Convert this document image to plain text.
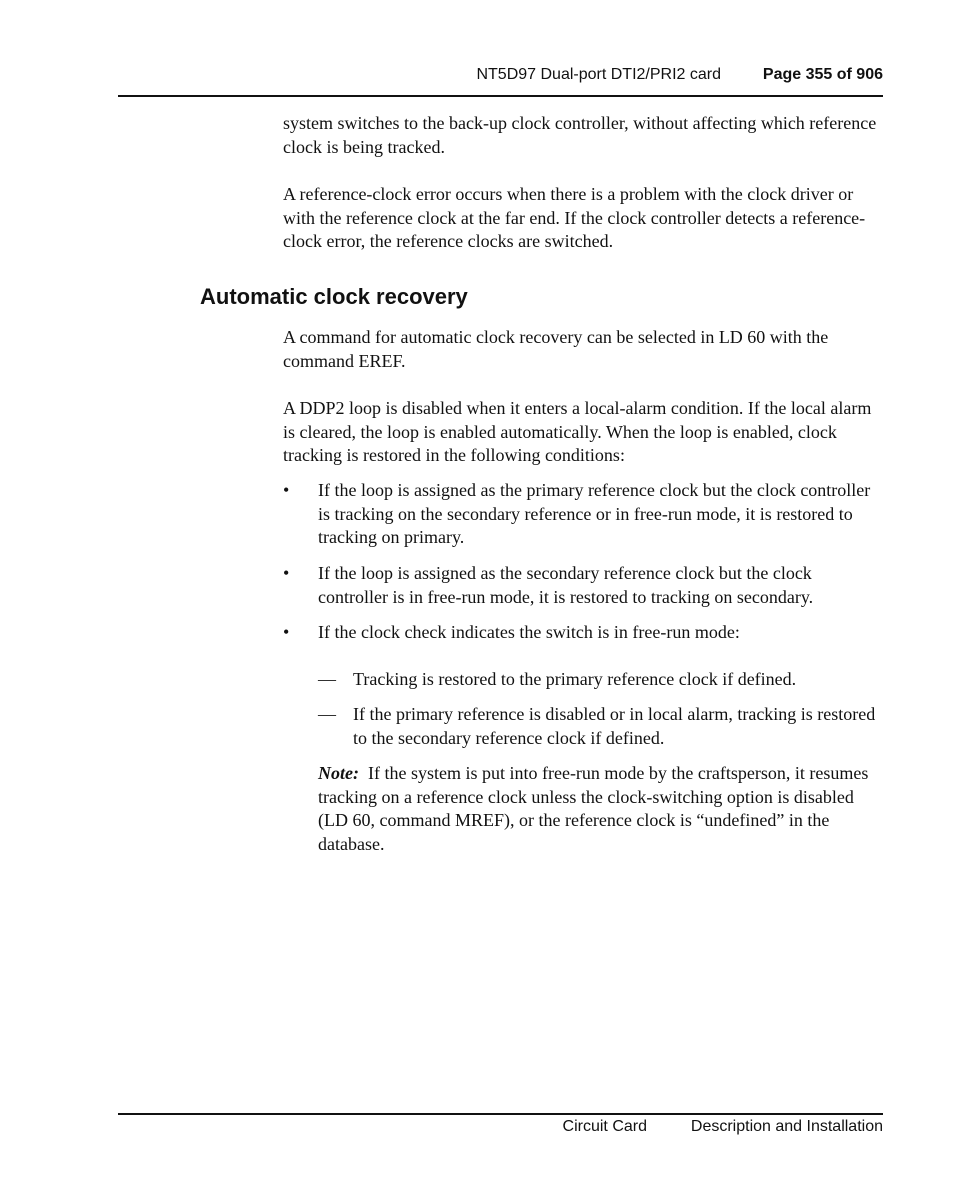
NT5D97 Dual-port DTI2/PRI2 card	Page 355 of 906

system switches to the back-up clock controller, without affecting which reference clock is being tracked.

A reference-clock error occurs when there is a problem with the clock driver or with the reference clock at the far end. If the clock controller detects a reference-clock error, the reference clocks are switched.

Automatic clock recovery

A command for automatic clock recovery can be selected in LD 60 with the command EREF.

A DDP2 loop is disabled when it enters a local-alarm condition. If the local alarm is cleared, the loop is enabled automatically. When the loop is enabled, clock tracking is restored in the following conditions:

• If the loop is assigned as the primary reference clock but the clock controller is tracking on the secondary reference or in free-run mode, it is restored to tracking on primary.

• If the loop is assigned as the secondary reference clock but the clock controller is in free-run mode, it is restored to tracking on secondary.

• If the clock check indicates the switch is in free-run mode:

— Tracking is restored to the primary reference clock if defined.

— If the primary reference is disabled or in local alarm, tracking is restored to the secondary reference clock if defined.

Note: If the system is put into free-run mode by the craftsperson, it resumes tracking on a reference clock unless the clock-switching option is disabled (LD 60, command MREF), or the reference clock is “undefined” in the database.

Circuit Card	Description and Installation
